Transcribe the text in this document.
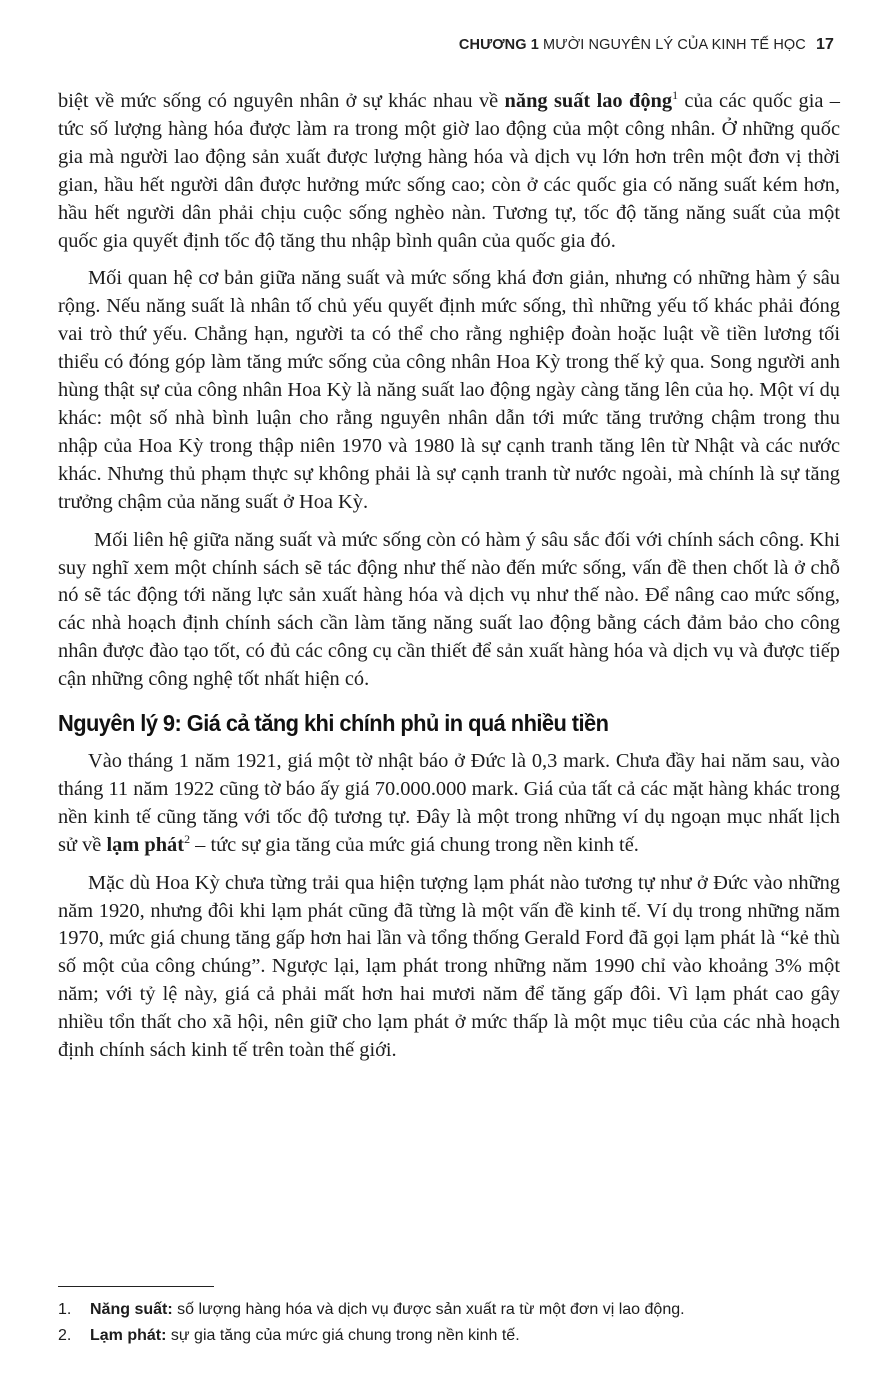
CHƯƠNG 1 MƯỜI NGUYÊN LÝ CỦA KINH TẾ HỌC 17

biệt về mức sống có nguyên nhân ở sự khác nhau về năng suất lao động$^1$ của các quốc gia – tức số lượng hàng hóa được làm ra trong một giờ lao động của một công nhân. Ở những quốc gia mà người lao động sản xuất được lượng hàng hóa và dịch vụ lớn hơn trên một đơn vị thời gian, hầu hết người dân được hưởng mức sống cao; còn ở các quốc gia có năng suất kém hơn, hầu hết người dân phải chịu cuộc sống nghèo nàn. Tương tự, tốc độ tăng năng suất của một quốc gia quyết định tốc độ tăng thu nhập bình quân của quốc gia đó.

Mối quan hệ cơ bản giữa năng suất và mức sống khá đơn giản, nhưng có những hàm ý sâu rộng. Nếu năng suất là nhân tố chủ yếu quyết định mức sống, thì những yếu tố khác phải đóng vai trò thứ yếu. Chẳng hạn, người ta có thể cho rằng nghiệp đoàn hoặc luật về tiền lương tối thiểu có đóng góp làm tăng mức sống của công nhân Hoa Kỳ trong thế kỷ qua. Song người anh hùng thật sự của công nhân Hoa Kỳ là năng suất lao động ngày càng tăng lên của họ. Một ví dụ khác: một số nhà bình luận cho rằng nguyên nhân dẫn tới mức tăng trưởng chậm trong thu nhập của Hoa Kỳ trong thập niên 1970 và 1980 là sự cạnh tranh tăng lên từ Nhật và các nước khác. Nhưng thủ phạm thực sự không phải là sự cạnh tranh từ nước ngoài, mà chính là sự tăng trưởng chậm của năng suất ở Hoa Kỳ.

Mối liên hệ giữa năng suất và mức sống còn có hàm ý sâu sắc đối với chính sách công. Khi suy nghĩ xem một chính sách sẽ tác động như thế nào đến mức sống, vấn đề then chốt là ở chỗ nó sẽ tác động tới năng lực sản xuất hàng hóa và dịch vụ như thế nào. Để nâng cao mức sống, các nhà hoạch định chính sách cần làm tăng năng suất lao động bằng cách đảm bảo cho công nhân được đào tạo tốt, có đủ các công cụ cần thiết để sản xuất hàng hóa và dịch vụ và được tiếp cận những công nghệ tốt nhất hiện có.

Nguyên lý 9: Giá cả tăng khi chính phủ in quá nhiều tiền

Vào tháng 1 năm 1921, giá một tờ nhật báo ở Đức là 0,3 mark. Chưa đầy hai năm sau, vào tháng 11 năm 1922 cũng tờ báo ấy giá 70.000.000 mark. Giá của tất cả các mặt hàng khác trong nền kinh tế cũng tăng với tốc độ tương tự. Đây là một trong những ví dụ ngoạn mục nhất lịch sử về lạm phát$^2$ – tức sự gia tăng của mức giá chung trong nền kinh tế.

Mặc dù Hoa Kỳ chưa từng trải qua hiện tượng lạm phát nào tương tự như ở Đức vào những năm 1920, nhưng đôi khi lạm phát cũng đã từng là một vấn đề kinh tế. Ví dụ trong những năm 1970, mức giá chung tăng gấp hơn hai lần và tổng thống Gerald Ford đã gọi lạm phát là “kẻ thù số một của công chúng”. Ngược lại, lạm phát trong những năm 1990 chỉ vào khoảng 3% một năm; với tỷ lệ này, giá cả phải mất hơn hai mươi năm để tăng gấp đôi. Vì lạm phát cao gây nhiều tổn thất cho xã hội, nên giữ cho lạm phát ở mức thấp là một mục tiêu của các nhà hoạch định chính sách kinh tế trên toàn thế giới.

1. Năng suất: số lượng hàng hóa và dịch vụ được sản xuất ra từ một đơn vị lao động.
2. Lạm phát: sự gia tăng của mức giá chung trong nền kinh tế.
